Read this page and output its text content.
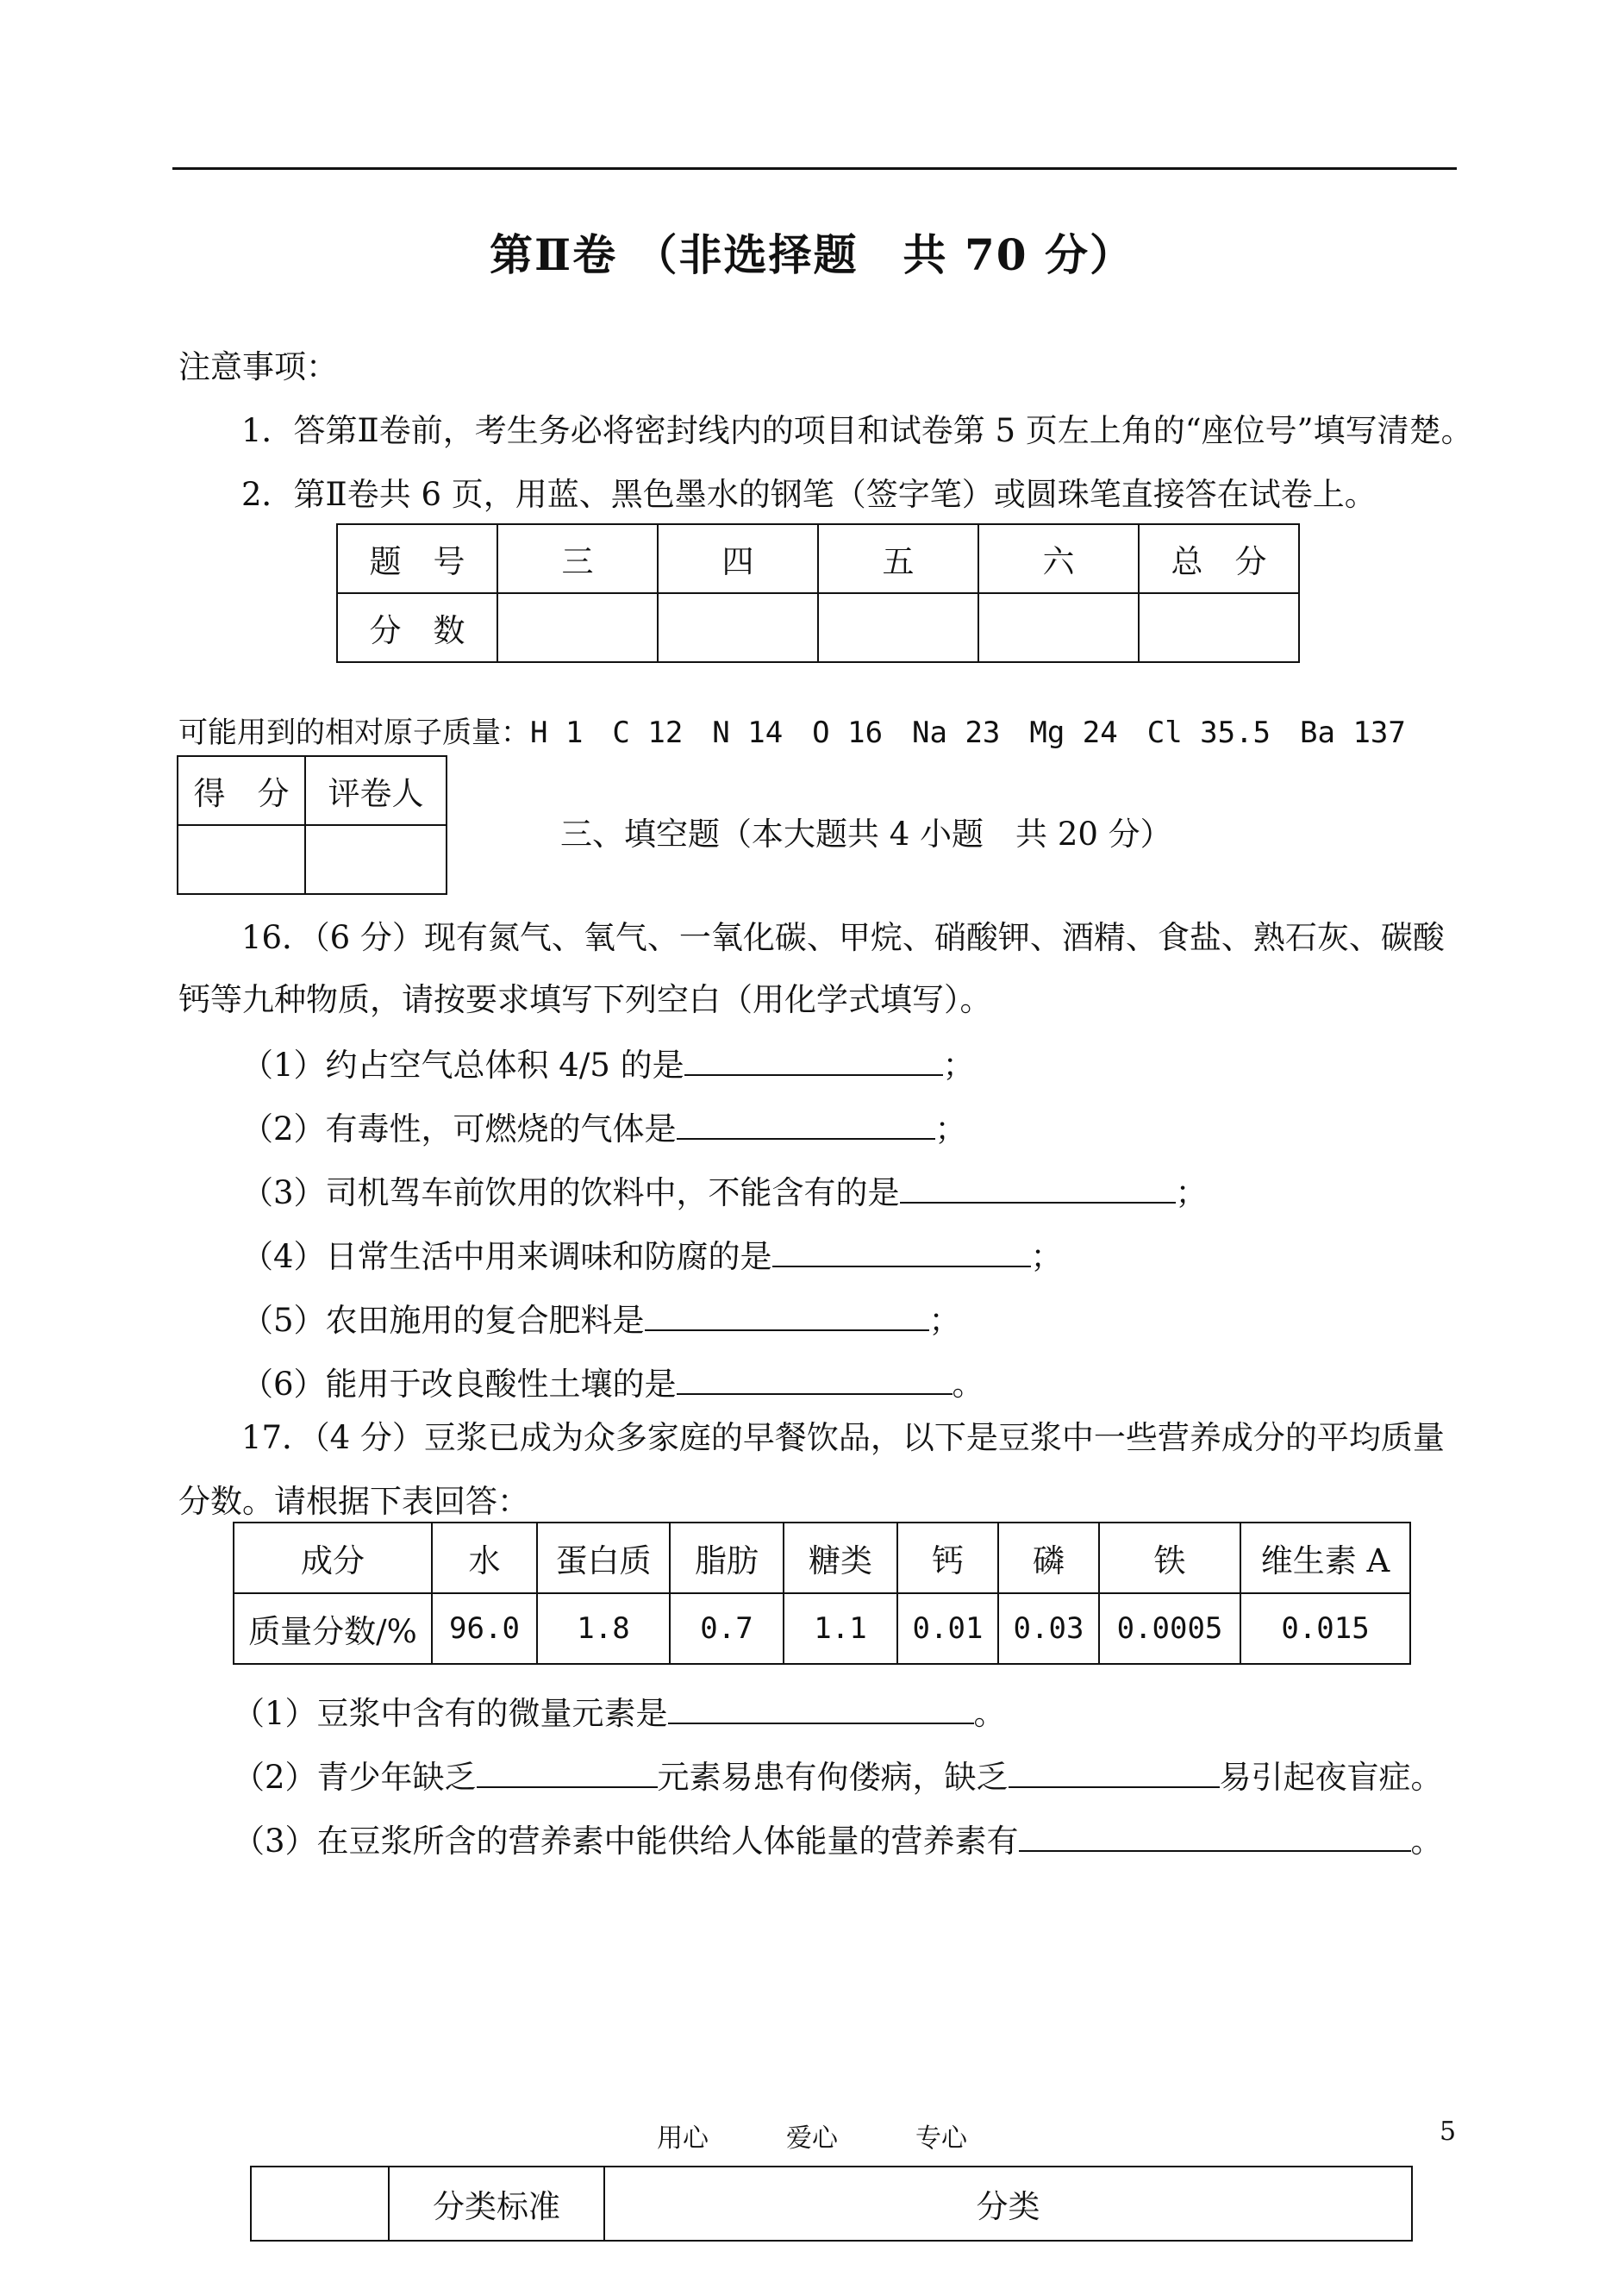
第Ⅱ卷 （非选择题　共 70 分）
注意事项：
1．答第Ⅱ卷前，考生务必将密封线内的项目和试卷第 5 页左上角的“座位号”填写清楚。
2．第Ⅱ卷共 6 页，用蓝、黑色墨水的钢笔（签字笔）或圆珠笔直接答在试卷上。
题　号	三	四	五	六	总　分
分　数					
可能用到的相对原子质量：H 1　C 12　N 14　O 16　Na 23　Mg 24　Cl 35.5　Ba 137
得　分	评卷人

三、填空题（本大题共 4 小题　共 20 分）
16．（6 分）现有氮气、氧气、一氧化碳、甲烷、硝酸钾、酒精、食盐、熟石灰、碳酸
钙等九种物质，请按要求填写下列空白（用化学式填写）。
（1）约占空气总体积 4/5 的是	；
（2）有毒性，可燃烧的气体是	；
（3）司机驾车前饮用的饮料中，不能含有的是	；
（4）日常生活中用来调味和防腐的是	；
（5）农田施用的复合肥料是	；
（6）能用于改良酸性土壤的是	。
17．（4 分）豆浆已成为众多家庭的早餐饮品，以下是豆浆中一些营养成分的平均质量
分数。请根据下表回答：
成分	水	蛋白质	脂肪	糖类	钙	磷	铁	维生素 A
质量分数/%	96.0	1.8	0.7	1.1	0.01	0.03	0.0005	0.015
（1）豆浆中含有的微量元素是	。
（2）青少年缺乏	元素易患有佝偻病，缺乏	易引起夜盲症。
（3）在豆浆所含的营养素中能供给人体能量的营养素有	。
用心　　　爱心　　　专心	5
	分类标准	分类
